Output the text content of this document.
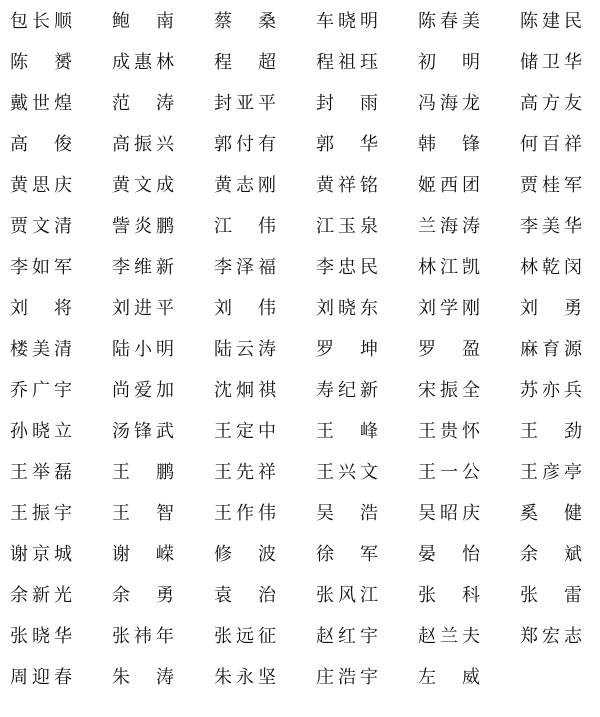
包 长 顺	鲍 南	蔡 桑	车 晓 明	陈 春 美	陈 建 民
陈 赟	成 惠 林	程 超	程 祖 珏	初 明	储 卫 华
戴 世 煌	范 涛	封 亚 平	封 雨	冯 海 龙	高 方 友
高 俊	高 振 兴	郭 付 有	郭 华	韩 锋	何 百 祥
黄 思 庆	黄 文 成	黄 志 刚	黄 祥 铭	姬 西 团	贾 桂 军
贾 文 清	訾 炎 鹏	江 伟	江 玉 泉	兰 海 涛	李 美 华
李 如 军	李 维 新	李 泽 福	李 忠 民	林 江 凯	林 乾 闵
刘 将	刘 进 平	刘 伟	刘 晓 东	刘 学 刚	刘 勇
楼 美 清	陆 小 明	陆 云 涛	罗 坤	罗 盈	麻 育 源
乔 广 宇	尚 爱 加	沈 炯 祺	寿 纪 新	宋 振 全	苏 亦 兵
孙 晓 立	汤 锋 武	王 定 中	王 峰	王 贵 怀	王 劲
王 举 磊	王 鹏	王 先 祥	王 兴 文	王 一 公	王 彦 亭
王 振 宇	王 智	王 作 伟	吴 浩	吴 昭 庆	奚 健
谢 京 城	谢 嵘	修 波	徐 军	晏 怡	余 斌
余 新 光	余 勇	袁 治	张 风 江	张 科	张 雷
张 晓 华	张 祎 年	张 远 征	赵 红 宇	赵 兰 夫	郑 宏 志
周 迎 春	朱 涛	朱 永 坚	庄 浩 宇	左 威
